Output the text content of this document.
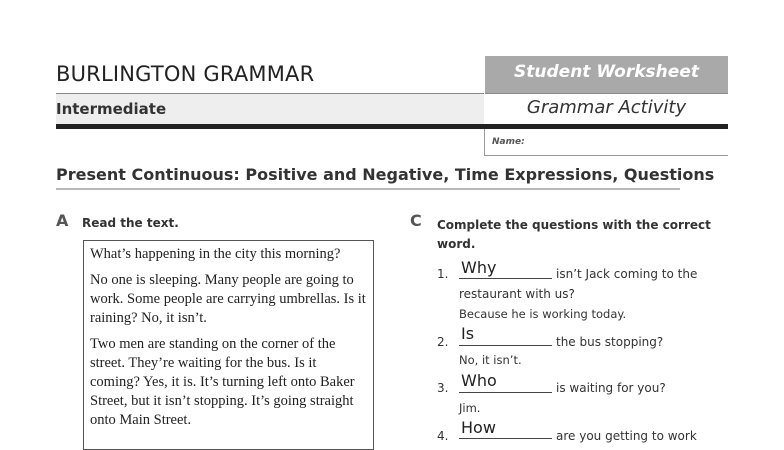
BURLINGTON GRAMMAR
Intermediate
Student Worksheet
Grammar Activity
Name:
Present Continuous: Positive and Negative, Time Expressions, Questions
A Read the text.

What’s happening in the city this morning?

No one is sleeping. Many people are going to work. Some people are carrying umbrellas. Is it raining? No, it isn’t.

Two men are standing on the corner of the street. They’re waiting for the bus. Is it coming? Yes, it is. It’s turning left onto Baker Street, but it isn’t stopping. It’s going straight onto Main Street.

C Complete the questions with the correct word.
1. Why	isn’t Jack coming to the
restaurant with us?
Because he is working today.
2. Is	the bus stopping?
No, it isn’t.
3. Who	is waiting for you?
Jim.
4. How	are you getting to work
